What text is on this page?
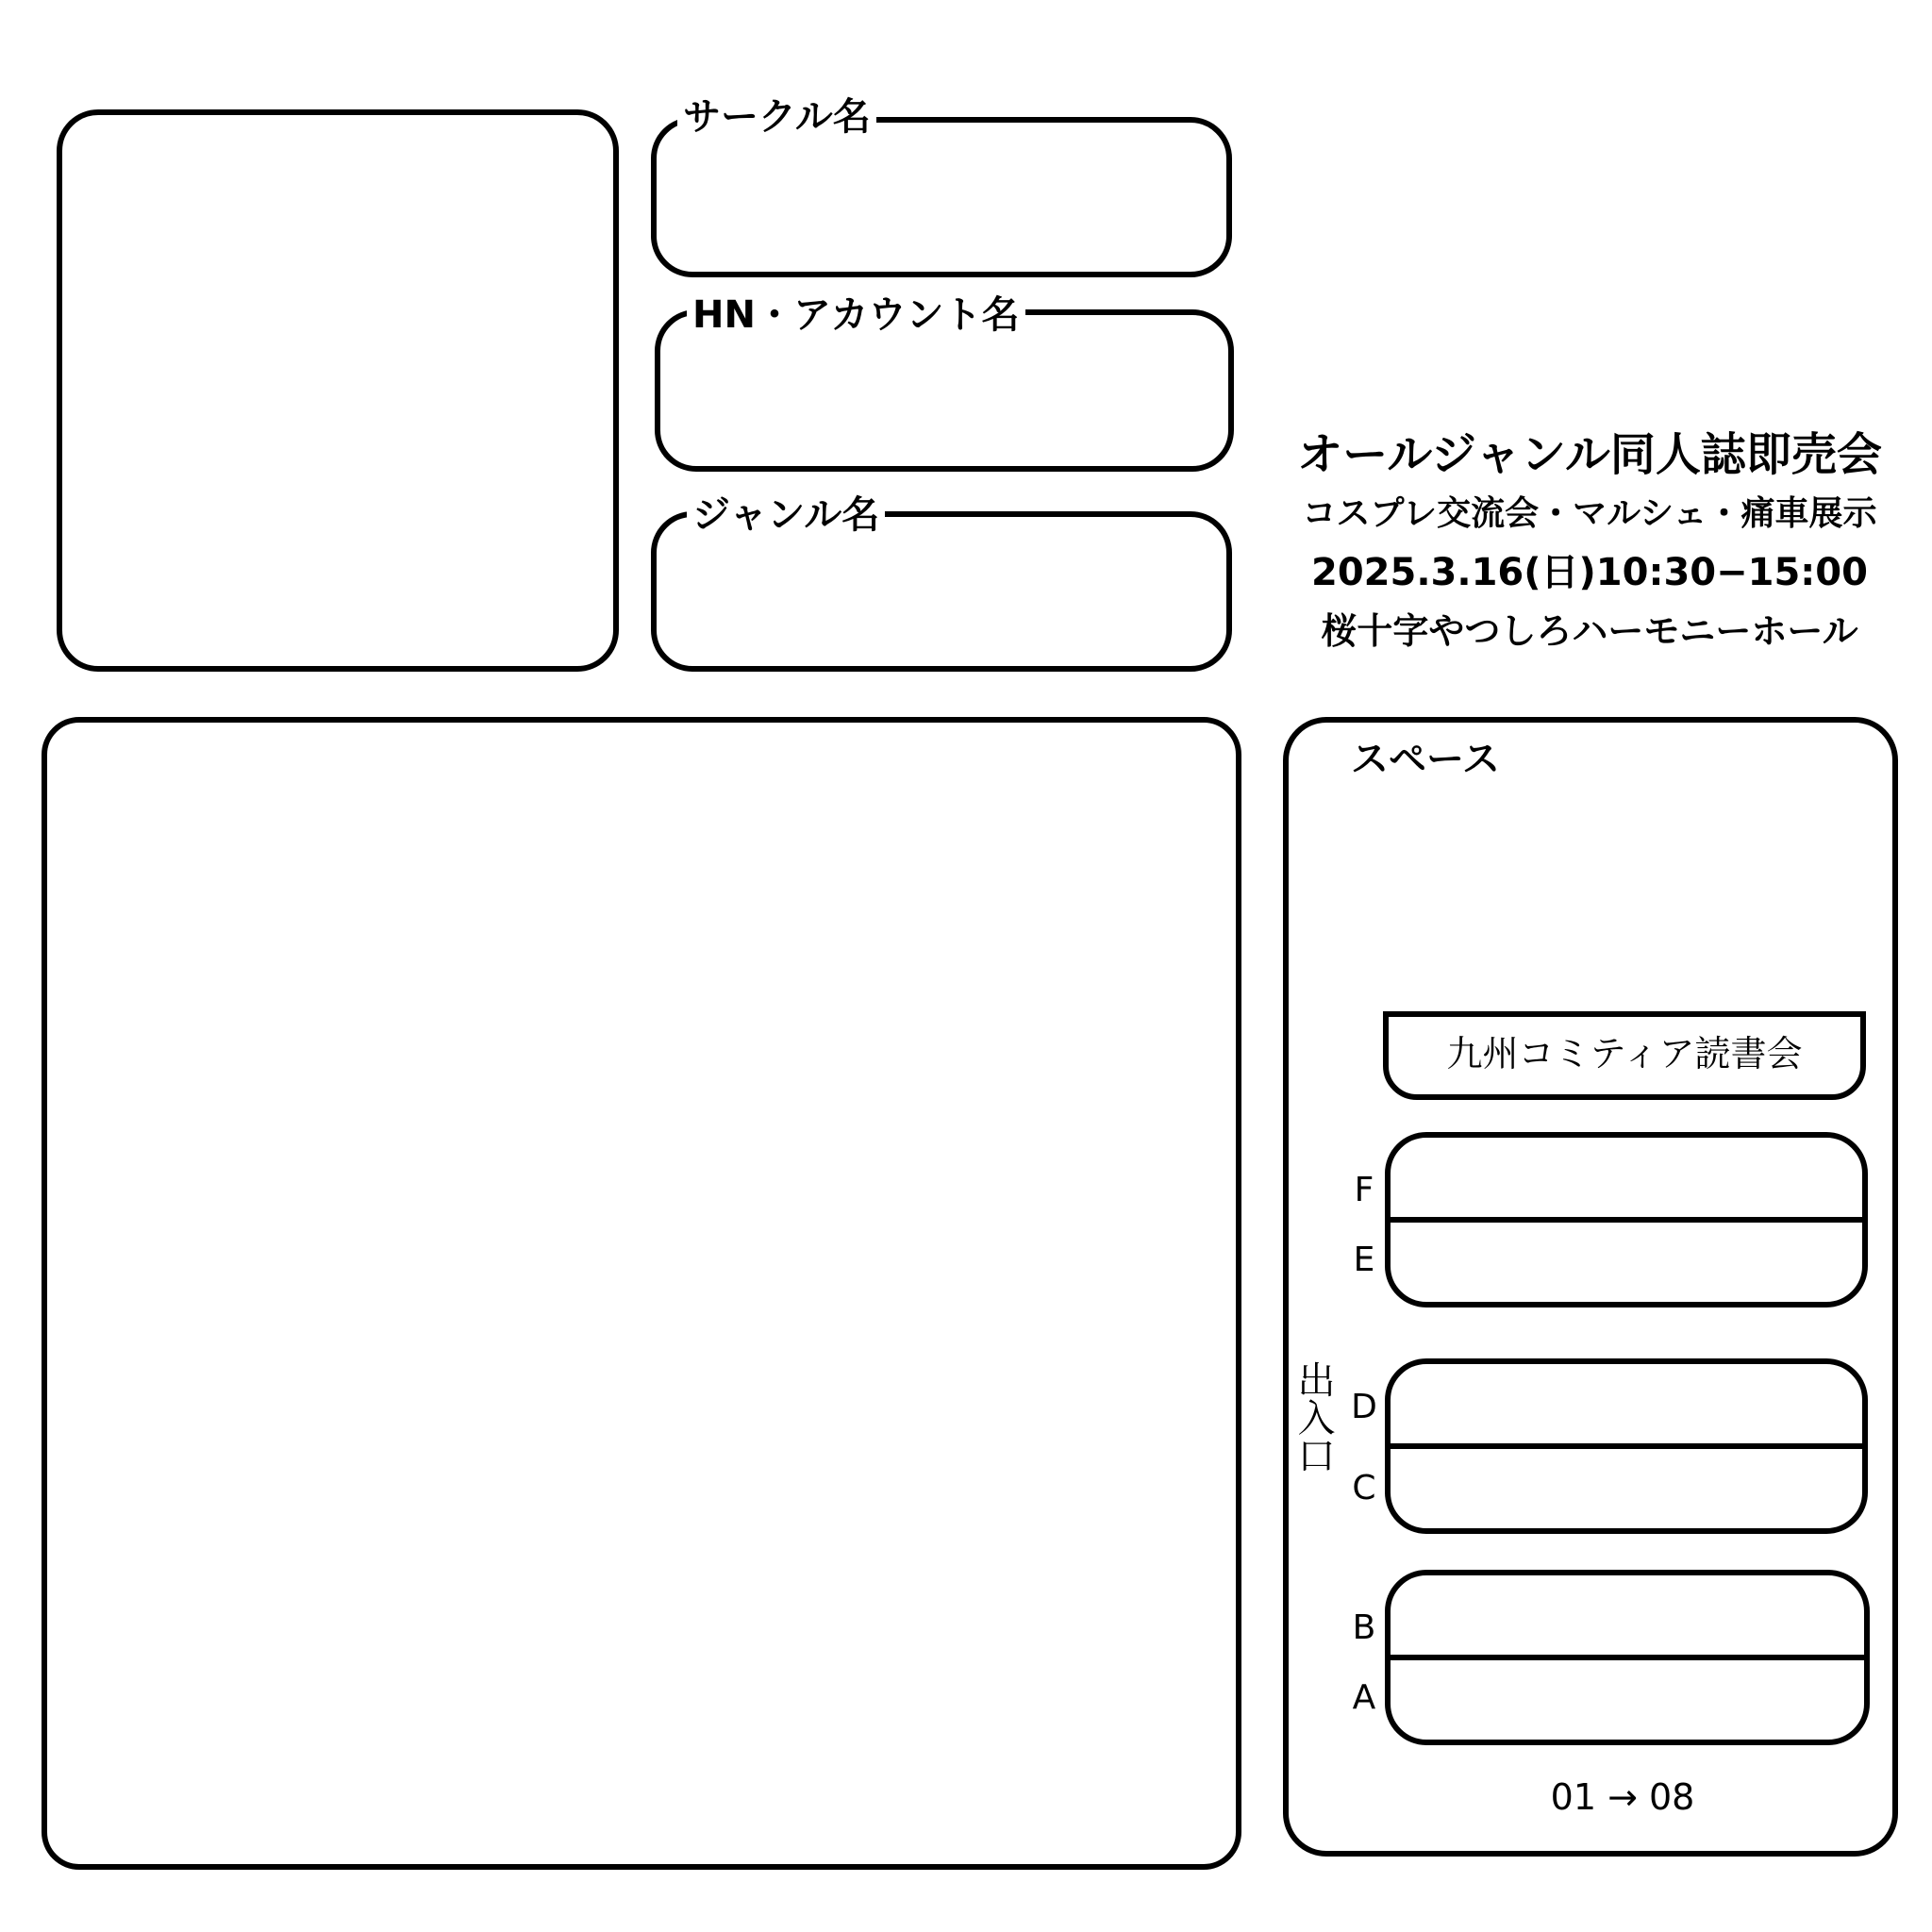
サークル名
HN・アカウント名
ジャンル名
オールジャンル同人誌即売会
コスプレ交流会・マルシェ・痛車展示
2025.3.16(日)10:30−15:00
桜十字やつしろハーモニーホール
スペース
九州コミティア読書会
F
E
D
C
出入口
B
A
01 → 08
